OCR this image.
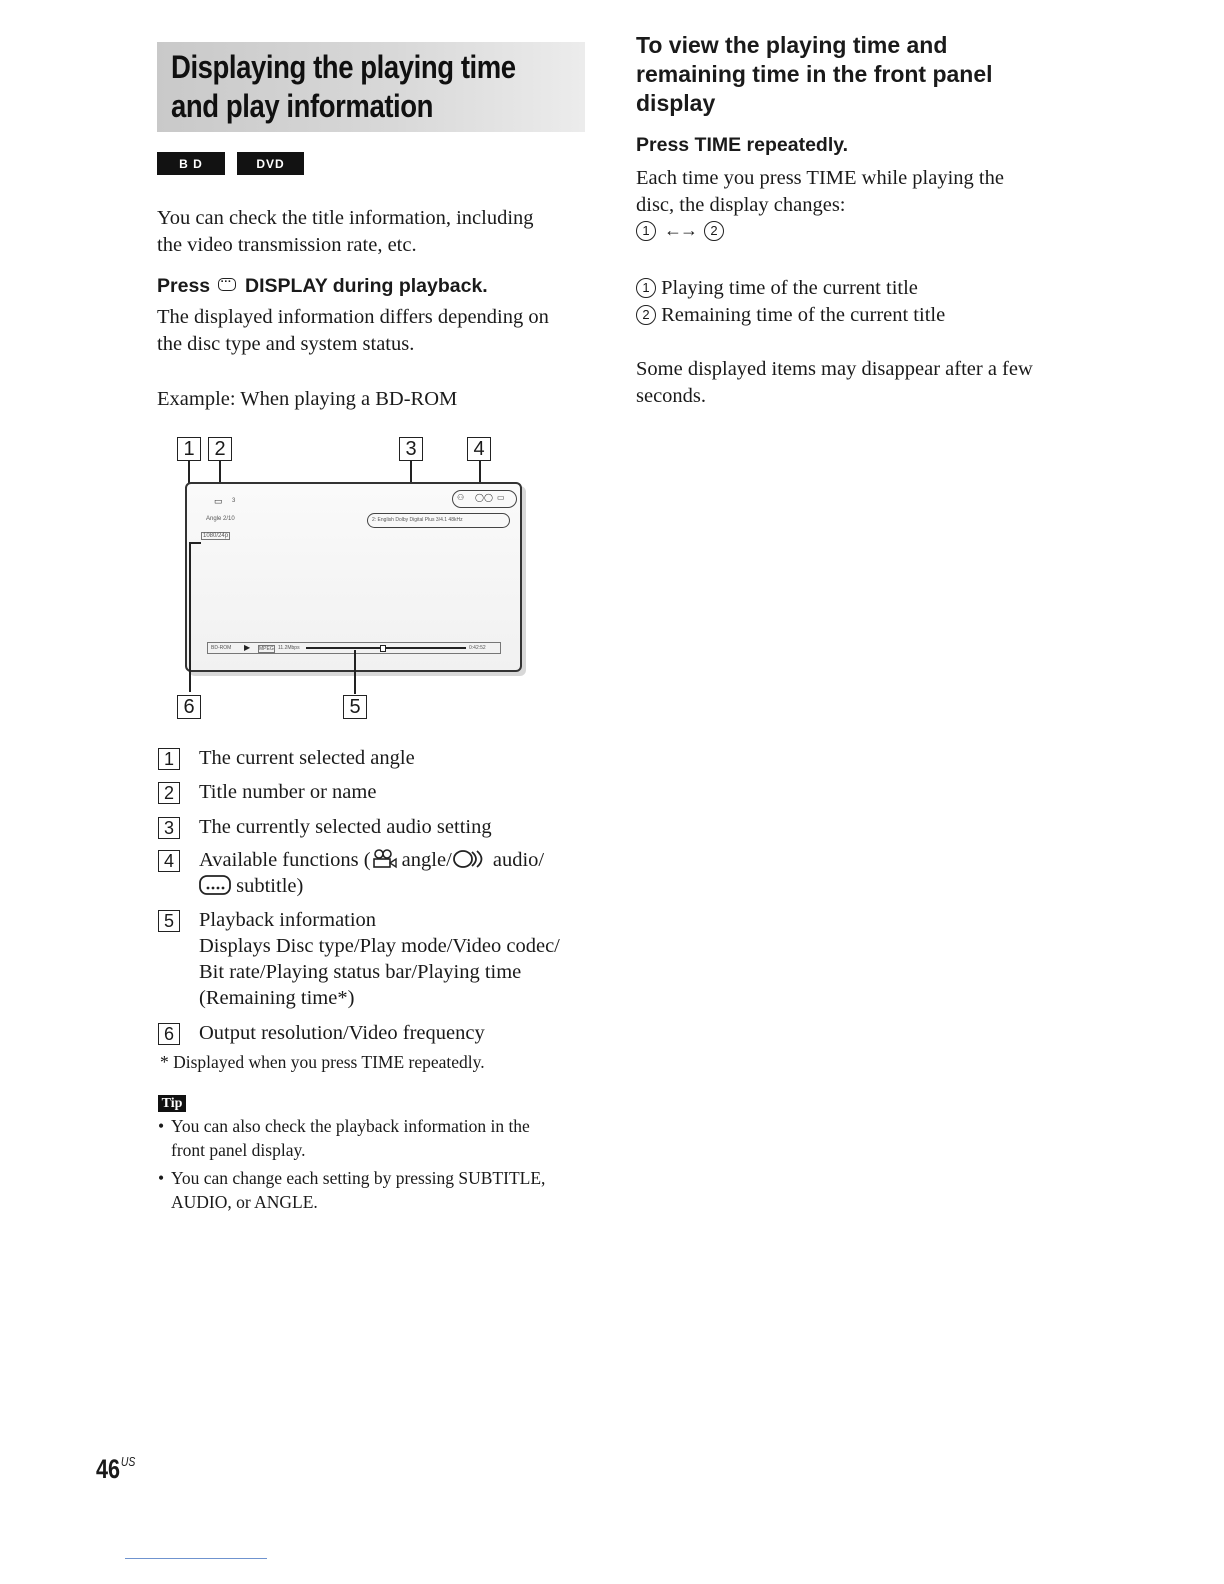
Displaying the playing time
and play information
B D	DVD

You can check the title information, including
the video transmission rate, etc.

Press ··· DISPLAY during playback.

The displayed information differs depending on
the disc type and system status.

Example: When playing a BD-ROM

1 2	3	4
▭ 3
Angle 2/10
1080/24p
⚇ ◯◯ ▭
2: English Dolby Digital Plus 3/4.1 48kHz
BD-ROM ▶ MPEG 11.2Mbps	0:42:52
6	5
1 The current selected angle
2 Title number or name
3 The currently selected audio setting
4 Available functions ( angle/ audio/
subtitle)
5 Playback information
Displays Disc type/Play mode/Video codec/
Bit rate/Playing status bar/Playing time
(Remaining time*)
6 Output resolution/Video frequency
* Displayed when you press TIME repeatedly.
Tip
• You can also check the playback information in the
front panel display.
• You can change each setting by pressing SUBTITLE,
AUDIO, or ANGLE.
To view the playing time and
remaining time in the front panel
display
Press TIME repeatedly.

Each time you press TIME while playing the
disc, the display changes:

1 ←→	2
1 Playing time of the current title
2 Remaining time of the current title

Some displayed items may disappear after a few
seconds.

$46^{US}$
